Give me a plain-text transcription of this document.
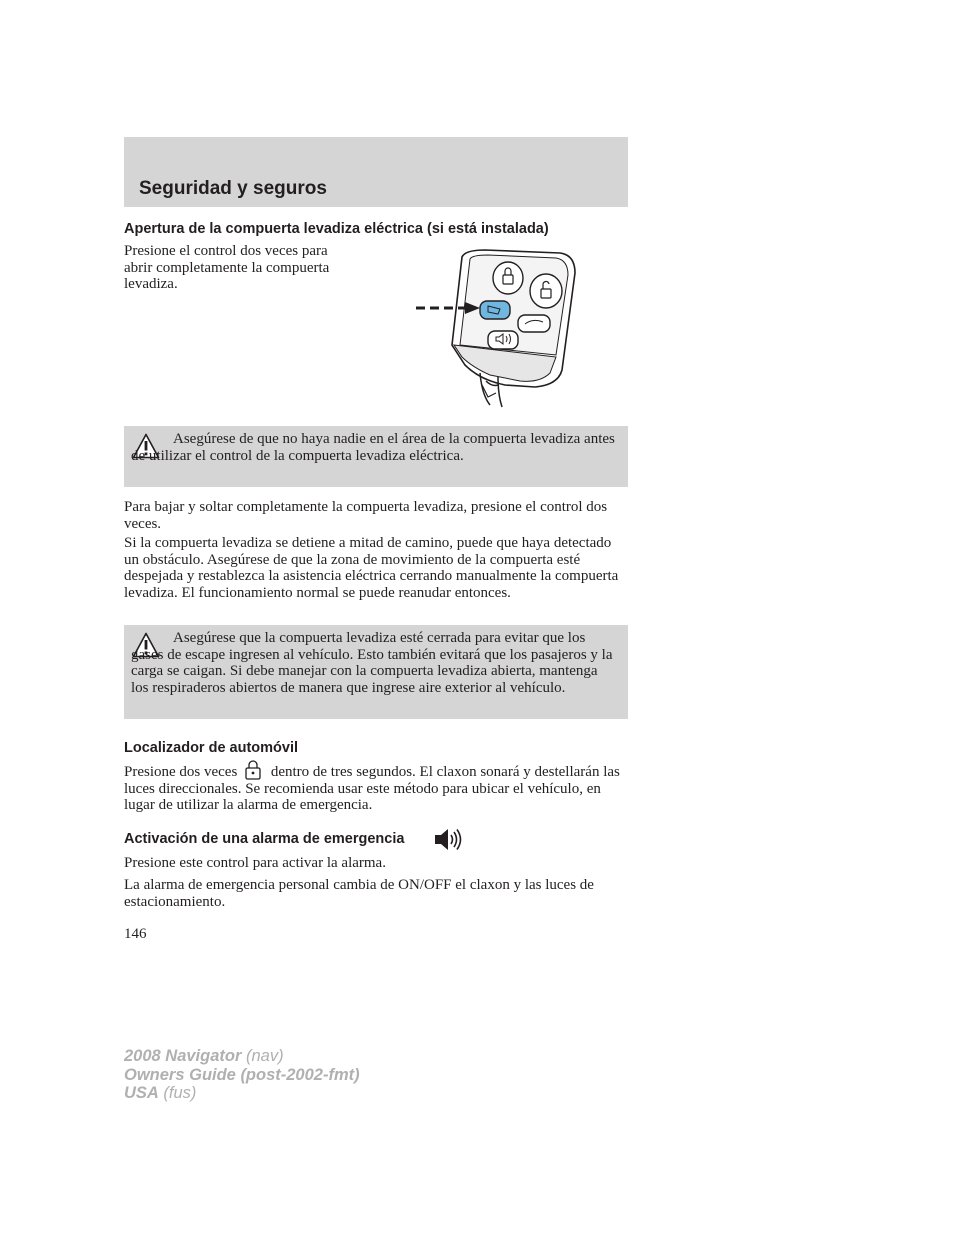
Seguridad y seguros
Apertura de la compuerta levadiza eléctrica (si está instalada)
Presione el control dos veces para
abrir completamente la compuerta
levadiza.
Asegúrese de que no haya nadie en el área de la compuerta levadiza antes de utilizar el control de la compuerta levadiza eléctrica.
Para bajar y soltar completamente la compuerta levadiza, presione el control dos veces.
Si la compuerta levadiza se detiene a mitad de camino, puede que haya detectado un obstáculo. Asegúrese de que la zona de movimiento de la compuerta esté despejada y restablezca la asistencia eléctrica cerrando manualmente la compuerta levadiza. El funcionamiento normal se puede reanudar entonces.
Asegúrese que la compuerta levadiza esté cerrada para evitar que los gases de escape ingresen al vehículo. Esto también evitará que los pasajeros y la carga se caigan. Si debe manejar con la compuerta levadiza abierta, mantenga los respiraderos abiertos de manera que ingrese aire exterior al vehículo.
Localizador de automóvil
Presione dos veces dentro de tres segundos. El claxon sonará y destellarán las luces direccionales. Se recomienda usar este método para ubicar el vehículo, en lugar de utilizar la alarma de emergencia.
Activación de una alarma de emergencia
Presione este control para activar la alarma.
La alarma de emergencia personal cambia de ON/OFF el claxon y las luces de estacionamiento.
146
2008 Navigator (nav)
Owners Guide (post-2002-fmt)
USA (fus)
